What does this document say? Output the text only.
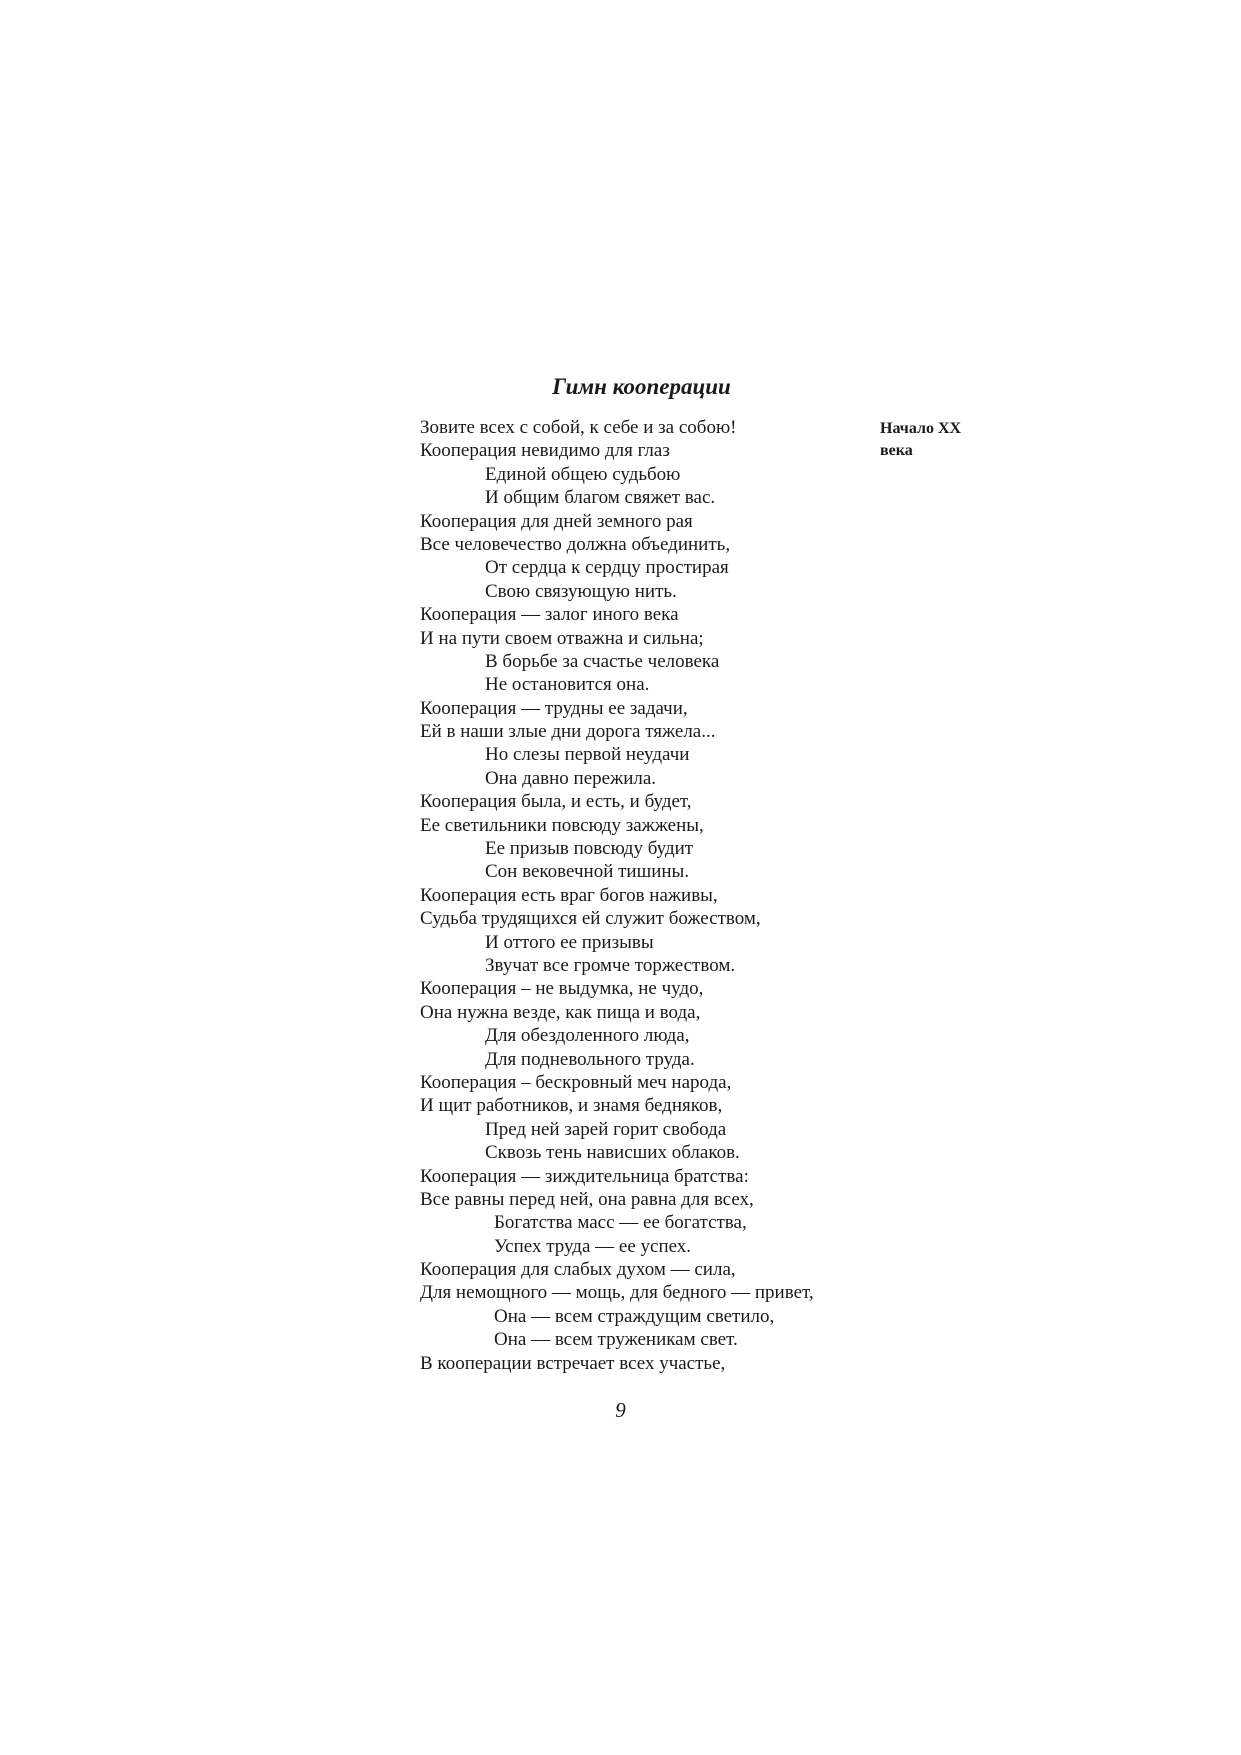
Гимн кооперации
Зовите всех с собой, к себе и за собою!
Кооперация невидимо для глаз
Единой общею судьбою
И общим благом свяжет вас.
Кооперация для дней земного рая
Все человечество должна объединить,
От сердца к сердцу простирая
Свою связующую нить.
Кооперация — залог иного века
И на пути своем отважна и сильна;
В борьбе за счастье человека
Не остановится она.
Кооперация — трудны ее задачи,
Ей в наши злые дни дорога тяжела...
Но слезы первой неудачи
Она давно пережила.
Кооперация была, и есть, и будет,
Ее светильники повсюду зажжены,
Ее призыв повсюду будит
Сон вековечной тишины.
Кооперация есть враг богов наживы,
Судьба трудящихся ей служит божеством,
И оттого ее призывы
Звучат все громче торжеством.
Кооперация – не выдумка, не чудо,
Она нужна везде, как пища и вода,
Для обездоленного люда,
Для подневольного труда.
Кооперация – бескровный меч народа,
И щит работников, и знамя бедняков,
Пред ней зарей горит свобода
Сквозь тень нависших облаков.
Кооперация — зиждительница братства:
Все равны перед ней, она равна для всех,
Богатства масс — ее богатства,
Успех труда — ее успех.
Кооперация для слабых духом — сила,
Для немощного — мощь, для бедного — привет,
Она — всем страждущим светило,
Она — всем труженикам свет.
В кооперации встречает всех участье,
Начало XX
века
9
